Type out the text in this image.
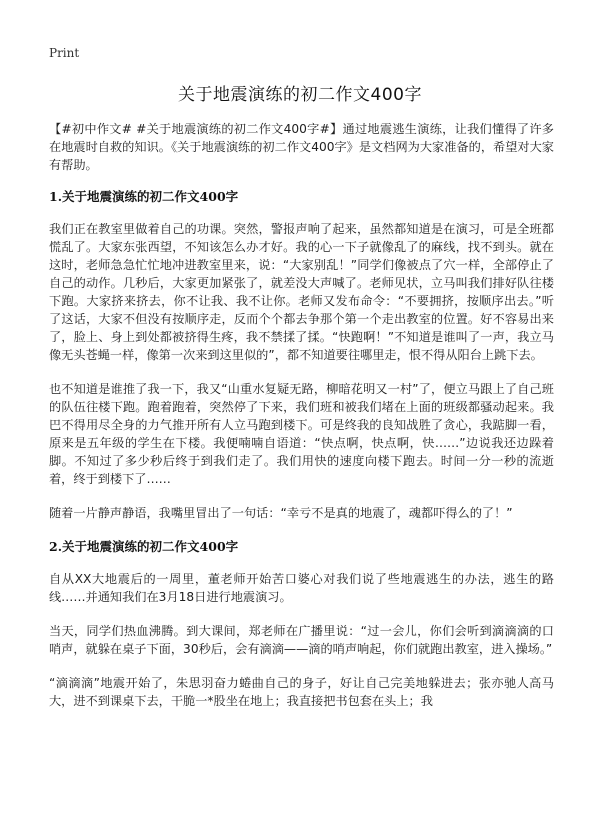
Print
关于地震演练的初二作文400字

【#初中作文# #关于地震演练的初二作文400字#】通过地震逃生演练，让我们懂得了许多在地震时自救的知识。《关于地震演练的初二作文400字》是文档网为大家准备的，希望对大家有帮助。

1.关于地震演练的初二作文400字

我们正在教室里做着自己的功课。突然，警报声响了起来，虽然都知道是在演习，可是全班都慌乱了。大家东张西望，不知该怎么办才好。我的心一下子就像乱了的麻线，找不到头。就在这时，老师急急忙忙地冲进教室里来，说：“大家别乱！”同学们像被点了穴一样，全部停止了自己的动作。几秒后，大家更加紧张了，就差没大声喊了。老师见状，立马叫我们排好队往楼下跑。大家挤来挤去，你不让我、我不让你。老师又发布命令：“不要拥挤，按顺序出去。”听了这话，大家不但没有按顺序走，反而个个都去争那个第一个走出教室的位置。好不容易出来了，脸上、身上到处都被挤得生疼，我不禁揉了揉。“快跑啊！”不知道是谁叫了一声，我立马像无头苍蝇一样，像第一次来到这里似的”，都不知道要往哪里走，恨不得从阳台上跳下去。

也不知道是谁推了我一下，我又“山重水复疑无路，柳暗花明又一村”了，便立马跟上了自己班的队伍往楼下跑。跑着跑着，突然停了下来，我们班和被我们堵在上面的班级都骚动起来。我巴不得用尽全身的力气推开所有人立马跑到楼下。可是终我的良知战胜了贪心，我踮脚一看，原来是五年级的学生在下楼。我便喃喃自语道：“快点啊，快点啊，快……”边说我还边跺着脚。不知过了多少秒后终于到我们走了。我们用快的速度向楼下跑去。时间一分一秒的流逝着，终于到楼下了……

随着一片静声静语，我嘴里冒出了一句话：“幸亏不是真的地震了，魂都吓得么的了！”

2.关于地震演练的初二作文400字

自从XX大地震后的一周里，董老师开始苦口婆心对我们说了些地震逃生的办法，逃生的路线……并通知我们在3月18日进行地震演习。

当天，同学们热血沸腾。到大课间，郑老师在广播里说：“过一会儿，你们会听到滴滴滴的口哨声，就躲在桌子下面，30秒后，会有滴滴——滴的哨声响起，你们就跑出教室，进入操场。”

“滴滴滴”地震开始了，朱思羽奋力蜷曲自己的身子，好让自己完美地躲进去；张亦驰人高马大，进不到课桌下去，干脆一*股坐在地上；我直接把书包套在头上；我
